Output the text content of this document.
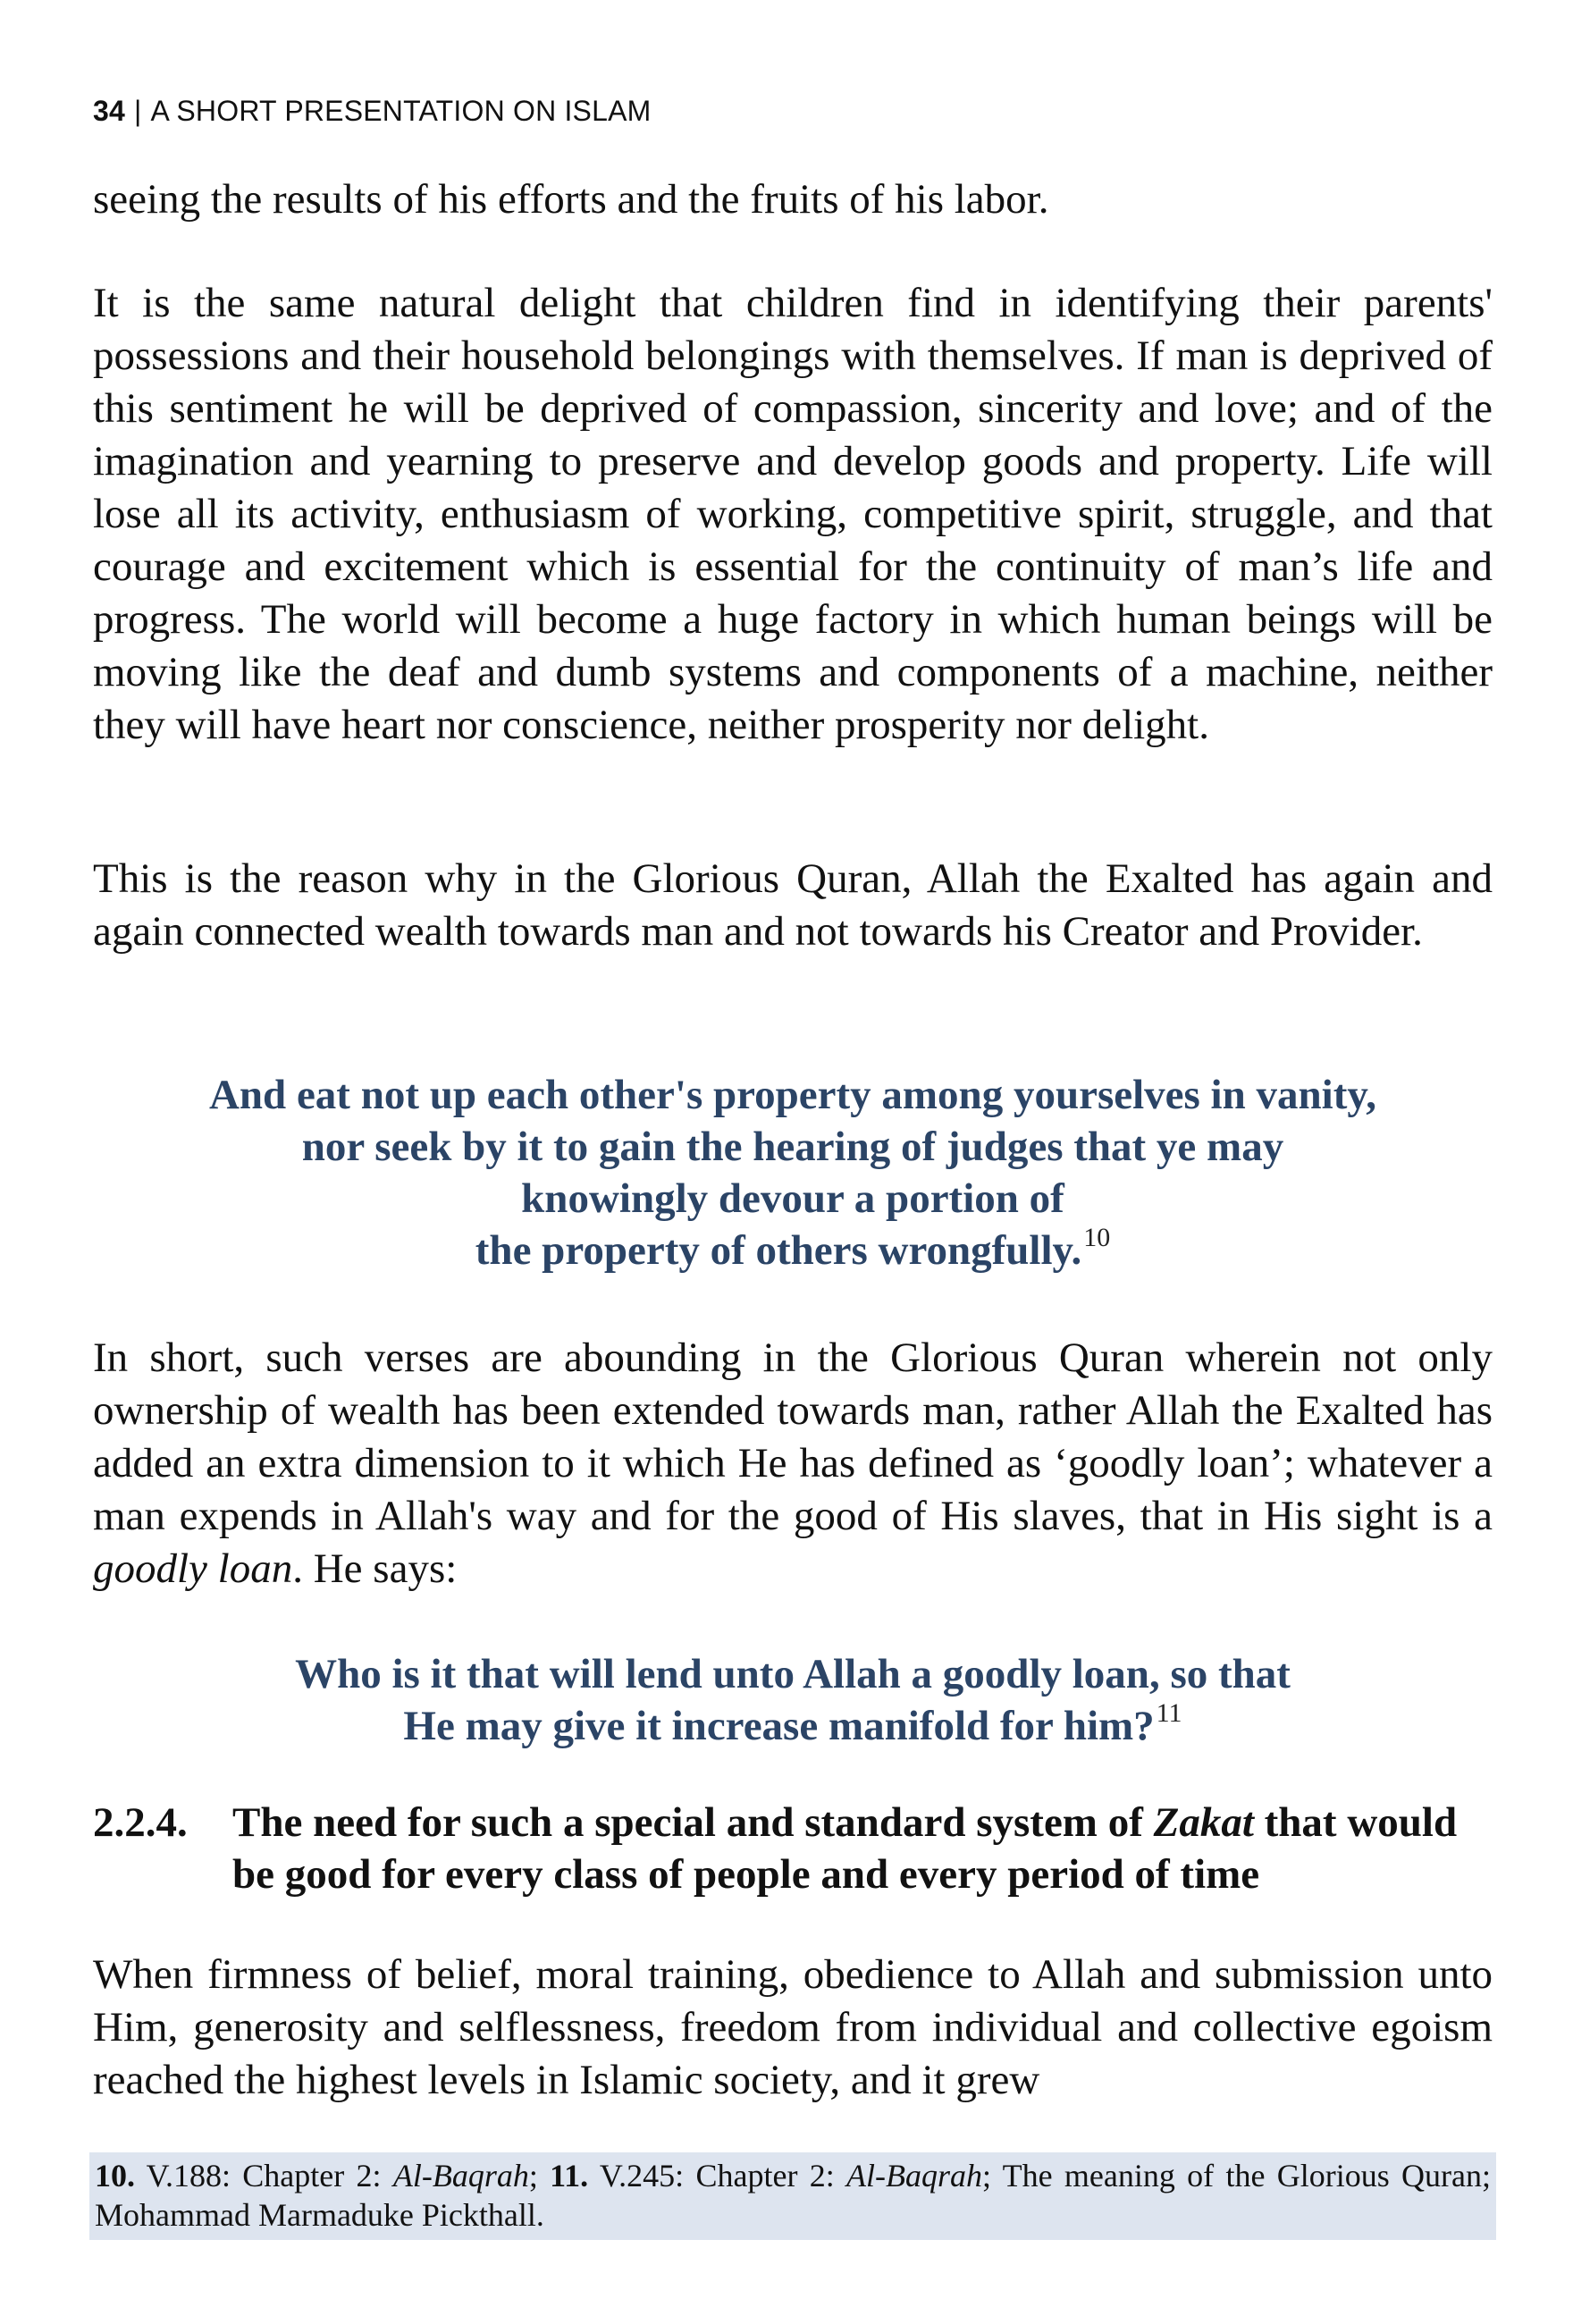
34 | A SHORT PRESENTATION ON ISLAM

seeing the results of his efforts and the fruits of his labor.

It is the same natural delight that children find in identifying their parents' possessions and their household belongings with themselves. If man is deprived of this sentiment he will be deprived of compassion, sincerity and love; and of the imagination and yearning to preserve and develop goods and property. Life will lose all its activity, enthusiasm of working, competitive spirit, struggle, and that courage and excitement which is essential for the continuity of man’s life and progress. The world will become a huge factory in which human beings will be moving like the deaf and dumb systems and components of a machine, neither they will have heart nor conscience, neither prosperity nor delight.

This is the reason why in the Glorious Quran, Allah the Exalted has again and again connected wealth towards man and not towards his Creator and Provider.

And eat not up each other's property among yourselves in vanity,
nor seek by it to gain the hearing of judges that ye may
knowingly devour a portion of
the property of others wrongfully.$^{10}$

In short, such verses are abounding in the Glorious Quran wherein not only ownership of wealth has been extended towards man, rather Allah the Exalted has added an extra dimension to it which He has defined as ‘goodly loan’; whatever a man expends in Allah's way and for the good of His slaves, that in His sight is a goodly loan. He says:

Who is it that will lend unto Allah a goodly loan, so that
He may give it increase manifold for him?$^{11}$
2.2.4. The need for such a special and standard system of Zakat that would be good for every class of people and every period of time

When firmness of belief, moral training, obedience to Allah and submission unto Him, generosity and selflessness, freedom from individual and collective egoism reached the highest levels in Islamic society, and it grew

10. V.188: Chapter 2: Al-Baqrah; 11. V.245: Chapter 2: Al-Baqrah; The meaning of the Glorious Quran; Mohammad Marmaduke Pickthall.
